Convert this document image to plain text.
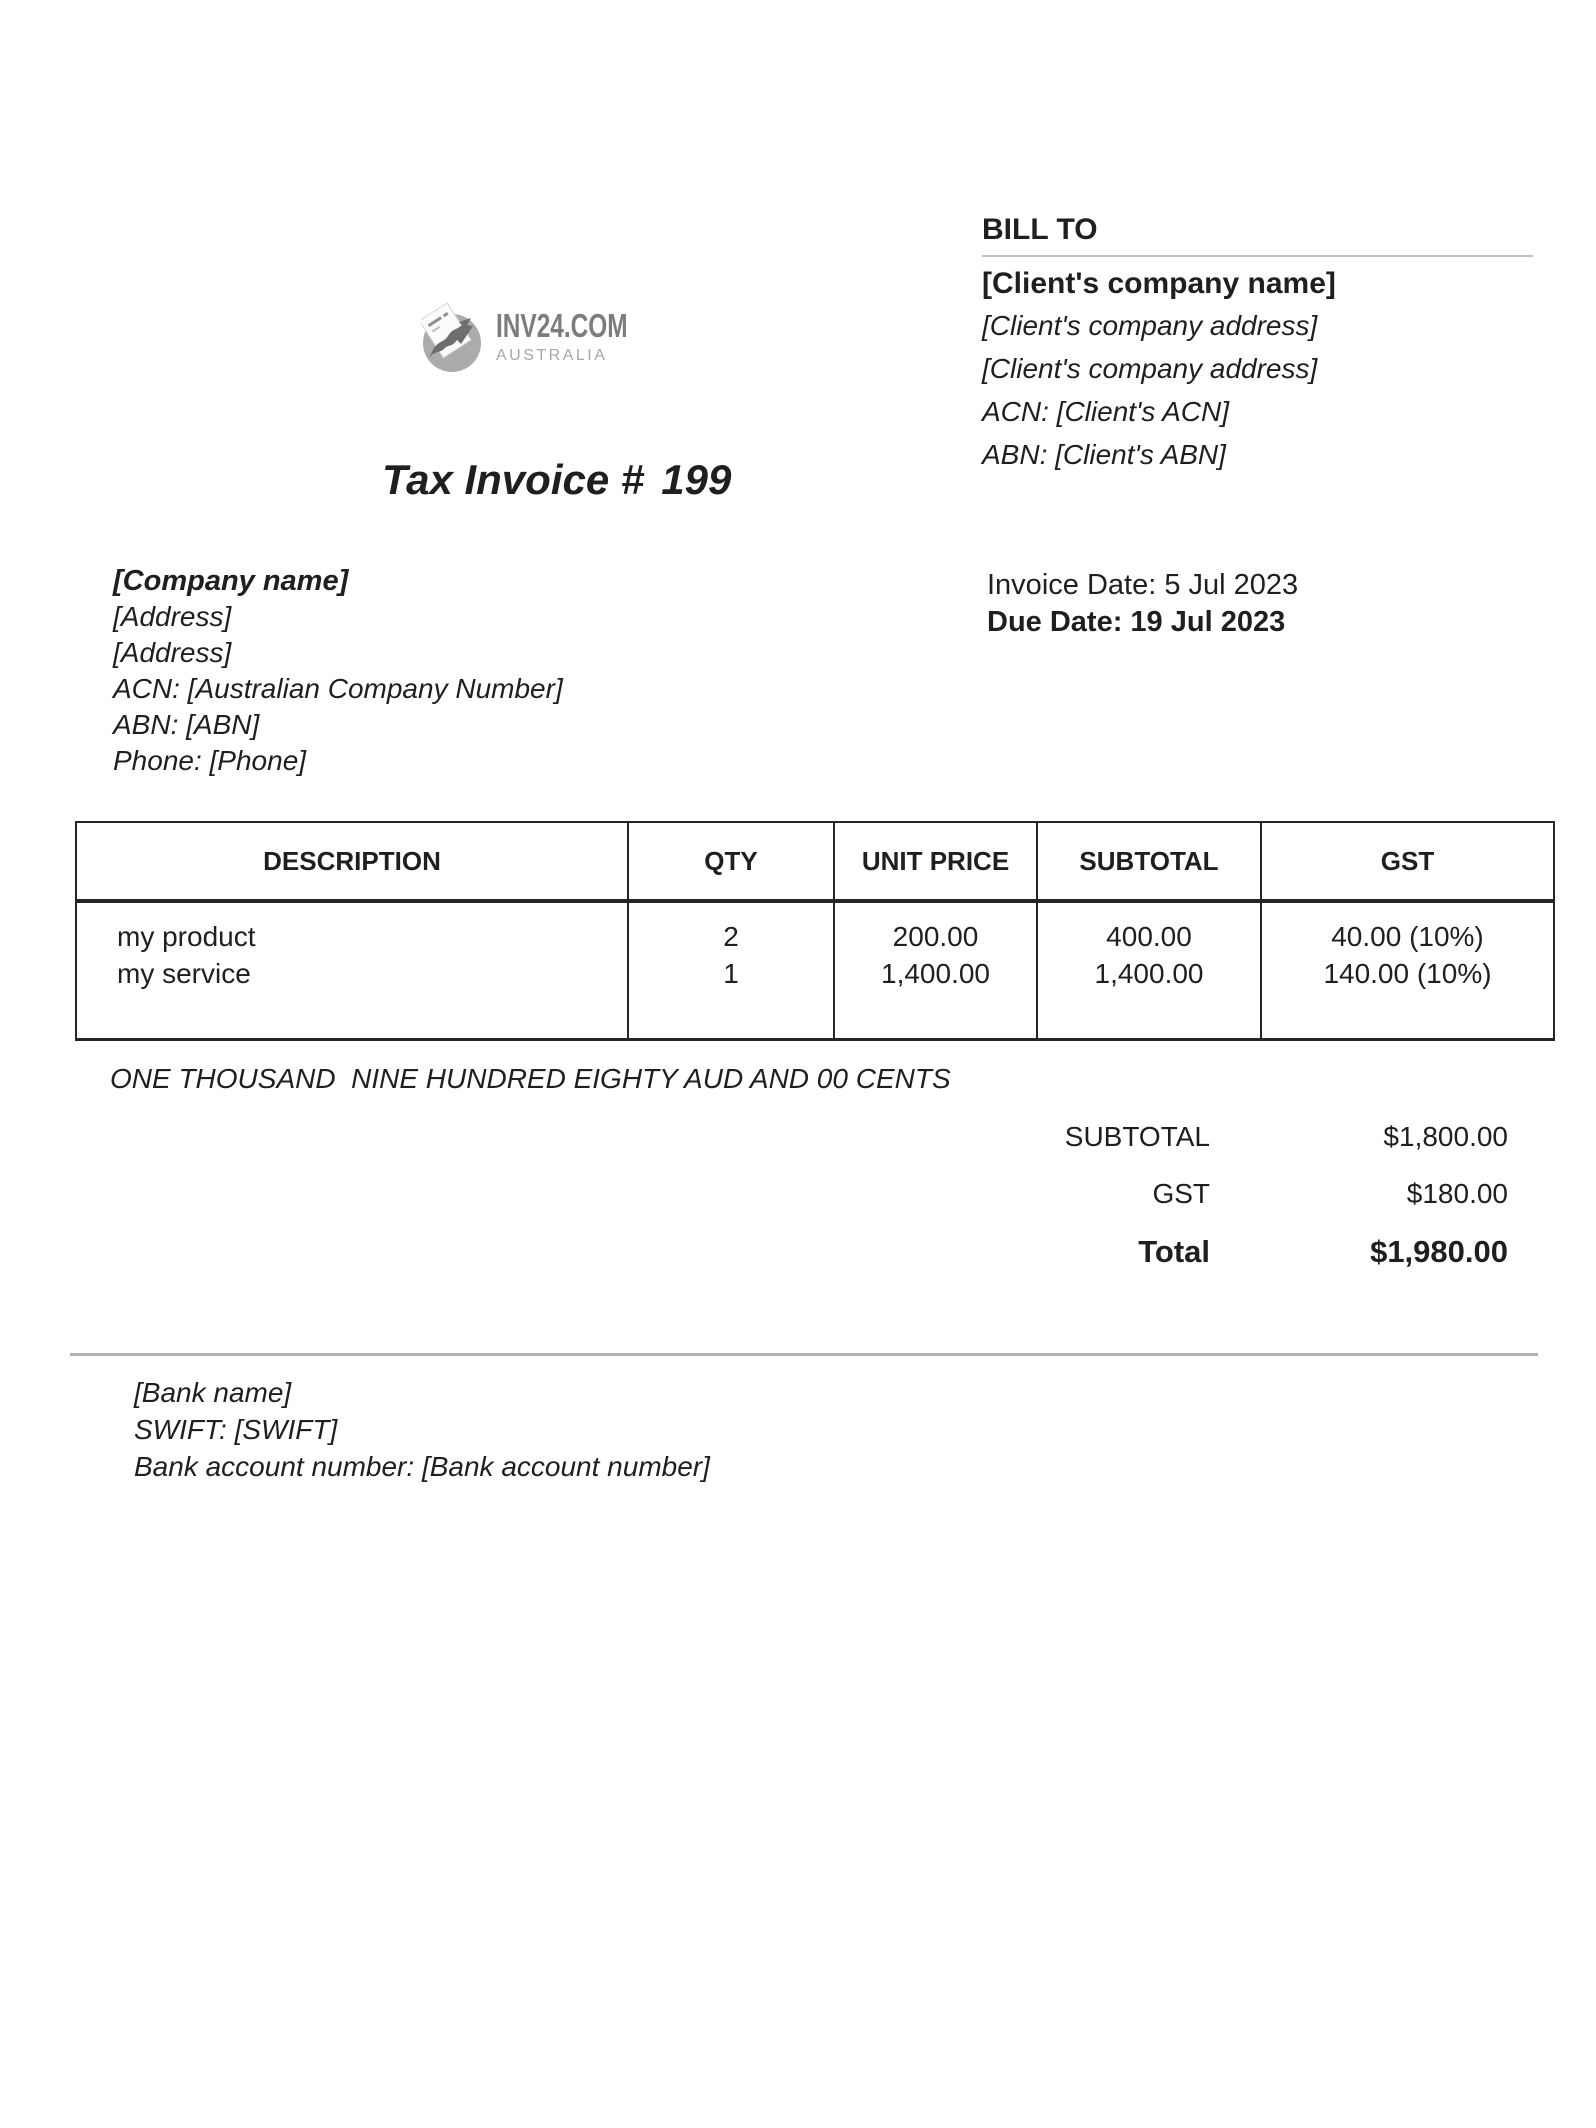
INV24.COM
AUSTRALIA
BILL TO
[Client's company name]
[Client's company address]
[Client's company address]
ACN: [Client's ACN]
ABN: [Client's ABN]
Tax Invoice # 199
[Company name]
[Address]
[Address]
ACN: [Australian Company Number]
ABN: [ABN]
Phone: [Phone]
Invoice Date: 5 Jul 2023
Due Date: 19 Jul 2023
DESCRIPTION	QTY	UNIT PRICE	SUBTOTAL	GST
my product	2	200.00	400.00	40.00 (10%)
my service	1	1,400.00	1,400.00	140.00 (10%)

ONE THOUSAND  NINE HUNDRED EIGHTY AUD AND 00 CENTS
SUBTOTAL	$1,800.00
GST	$180.00
Total	$1,980.00
[Bank name]
SWIFT: [SWIFT]
Bank account number: [Bank account number]
